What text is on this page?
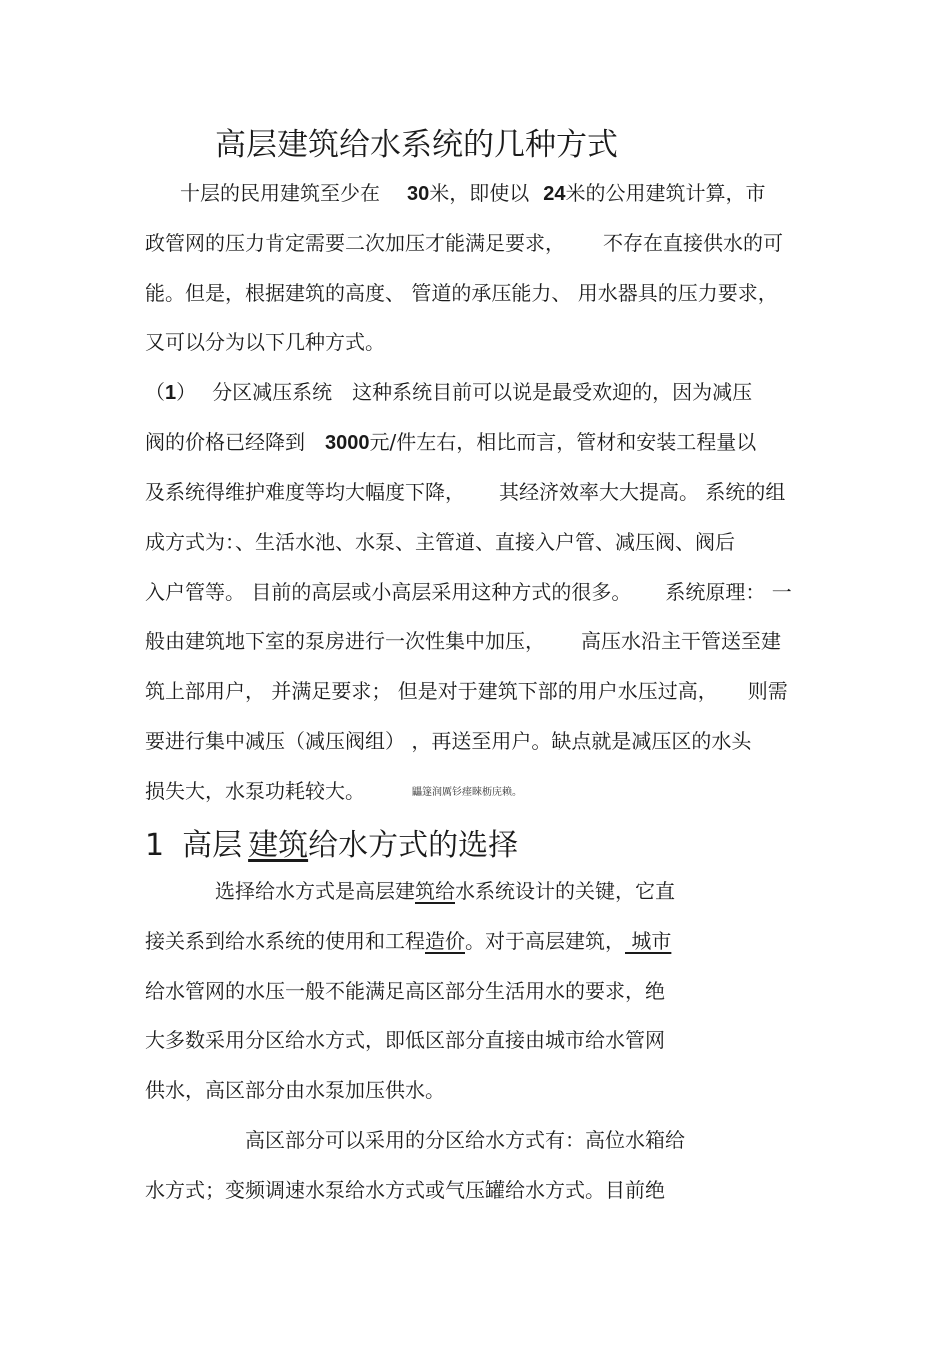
高层建筑给水系统的几种方式
十层的民用建筑至少在 30米，即使以 24米的公用建筑计算，市
政管网的压力肯定需要二次加压才能满足要求， 不存在直接供水的可
能。但是，根据建筑的高度、 管道的承压能力、 用水器具的压力要求，
又可以分为以下几种方式。
（1） 分区减压系统 这种系统目前可以说是最受欢迎的，因为减压
阀的价格已经降到 3000元/件左右，相比而言，管材和安装工程量以
及系统得维护难度等均大幅度下降， 其经济效率大大提高。 系统的组
成方式为：、生活水池、水泵、主管道、直接入户管、减压阀、阀后
入户管等。 目前的高层或小高层采用这种方式的很多。 系统原理： 一
般由建筑地下室的泵房进行一次性集中加压， 高压水沿主干管送至建
筑上部用户， 并满足要求； 但是对于建筑下部的用户水压过高， 则需
要进行集中减压（减压阀组） ，再送至用户。缺点就是减压区的水头
损失大，水泵功耗较大。	鼺篴润厲钐瘗睞枥庑赖。
1 高层 建筑给水方式的选择
选择给水方式是高层建筑给水系统设计的关键，它直
接关系到给水系统的使用和工程造价。对于高层建筑， 城市
给水管网的水压一般不能满足高区部分生活用水的要求，绝
大多数采用分区给水方式，即低区部分直接由城市给水管网
供水，高区部分由水泵加压供水。
高区部分可以采用的分区给水方式有：高位水箱给
水方式；变频调速水泵给水方式或气压罐给水方式。目前绝
